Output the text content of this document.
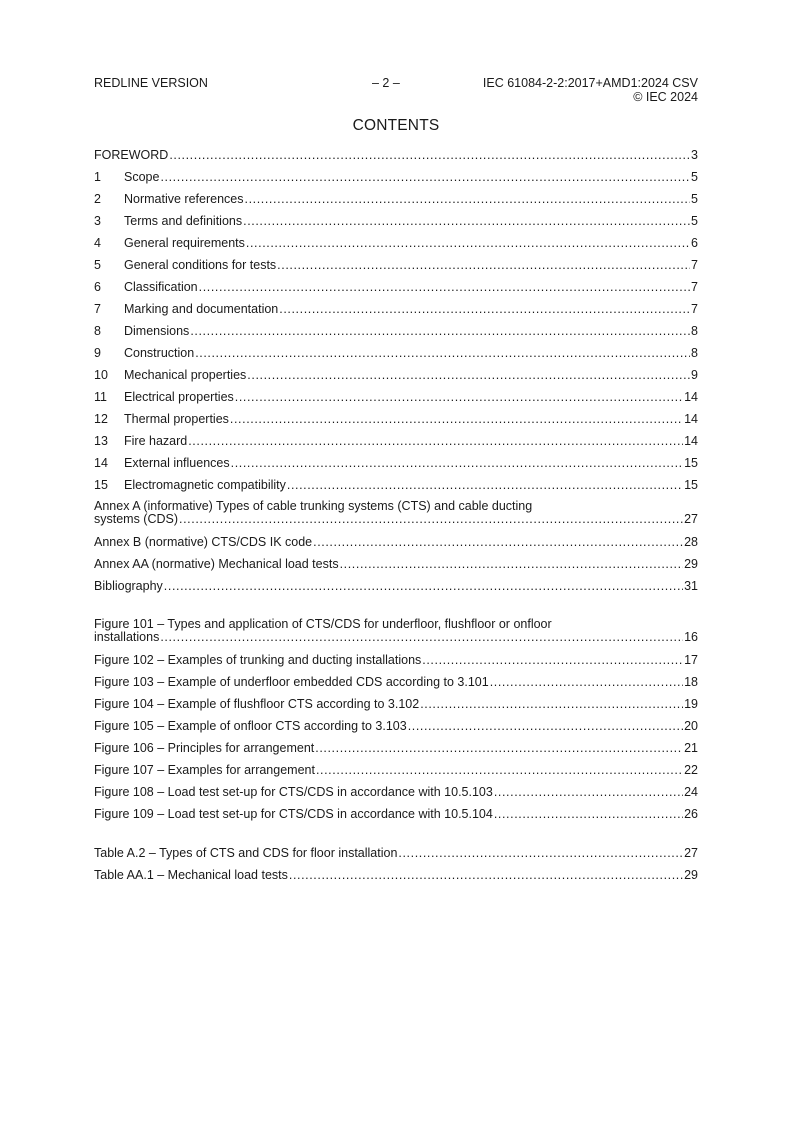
REDLINE VERSION	– 2 –	IEC 61084-2-2:2017+AMD1:2024 CSV
© IEC 2024
CONTENTS
FOREWORD .....	3
1	Scope .....	5
2	Normative references .....	5
3	Terms and definitions .....	5
4	General requirements .....	6
5	General conditions for tests .....	7
6	Classification .....	7
7	Marking and documentation .....	7
8	Dimensions .....	8
9	Construction .....	8
10	Mechanical properties .....	9
11	Electrical properties .....	14
12	Thermal properties .....	14
13	Fire hazard .....	14
14	External influences .....	15
15	Electromagnetic compatibility .....	15
Annex A (informative) Types of cable trunking systems (CTS) and cable ducting
systems (CDS) .....	27
Annex B (normative) CTS/CDS IK code .....	28
Annex AA (normative) Mechanical load tests .....	29
Bibliography .....	31
Figure 101 – Types and application of CTS/CDS for underfloor, flushfloor or onfloor
installations .....	16
Figure 102 – Examples of trunking and ducting installations .....	17
Figure 103 – Example of underfloor embedded CDS according to 3.101 .....	18
Figure 104 – Example of flushfloor CTS according to 3.102 .....	19
Figure 105 – Example of onfloor CTS according to 3.103 .....	20
Figure 106 – Principles for arrangement .....	21
Figure 107 – Examples for arrangement .....	22
Figure 108 – Load test set-up for CTS/CDS in accordance with 10.5.103 .....	24
Figure 109 – Load test set-up for CTS/CDS in accordance with 10.5.104 .....	26
Table A.2 – Types of CTS and CDS for floor installation .....	27
Table AA.1 – Mechanical load tests .....	29
